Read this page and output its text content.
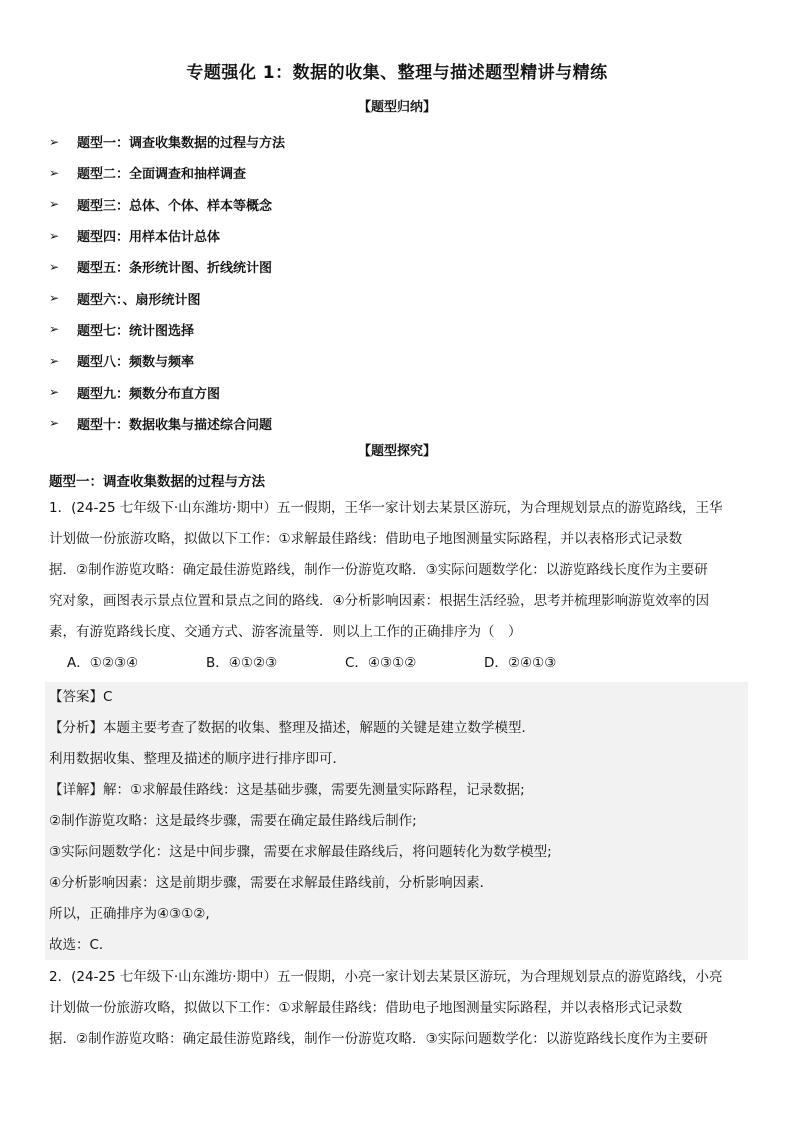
专题强化 1：数据的收集、整理与描述题型精讲与精练
【题型归纳】
➢	题型一：调查收集数据的过程与方法
➢	题型二：全面调查和抽样调查
➢	题型三：总体、个体、样本等概念
➢	题型四：用样本估计总体
➢	题型五：条形统计图、折线统计图
➢	题型六：、扇形统计图
➢	题型七：统计图选择
➢	题型八：频数与频率
➢	题型九：频数分布直方图
➢	题型十：数据收集与描述综合问题
【题型探究】
题型一：调查收集数据的过程与方法

1．(24-25 七年级下·山东潍坊·期中）五一假期，王华一家计划去某景区游玩，为合理规划景点的游览路线，王华

计划做一份旅游攻略，拟做以下工作：①求解最佳路线：借助电子地图测量实际路程，并以表格形式记录数

据．②制作游览攻略：确定最佳游览路线，制作一份游览攻略．③实际问题数学化：以游览路线长度作为主要研

究对象，画图表示景点位置和景点之间的路线．④分析影响因素：根据生活经验，思考并梳理影响游览效率的因

素，有游览路线长度、交通方式、游客流量等．则以上工作的正确排序为（　）

A．①②③④	B．④①②③	C．④③①②	D．②④①③

【答案】C

【分析】本题主要考查了数据的收集、整理及描述，解题的关键是建立数学模型．

利用数据收集、整理及描述的顺序进行排序即可．

【详解】解：①求解最佳路线：这是基础步骤，需要先测量实际路程，记录数据;

②制作游览攻略：这是最终步骤，需要在确定最佳路线后制作;

③实际问题数学化：这是中间步骤，需要在求解最佳路线后，将问题转化为数学模型;

④分析影响因素：这是前期步骤，需要在求解最佳路线前，分析影响因素．

所以，正确排序为④③①②,

故选：C．

2．(24-25 七年级下·山东潍坊·期中）五一假期，小亮一家计划去某景区游玩，为合理规划景点的游览路线，小亮

计划做一份旅游攻略，拟做以下工作：①求解最佳路线：借助电子地图测量实际路程，并以表格形式记录数

据．②制作游览攻略：确定最佳游览路线，制作一份游览攻略．③实际问题数学化：以游览路线长度作为主要研
